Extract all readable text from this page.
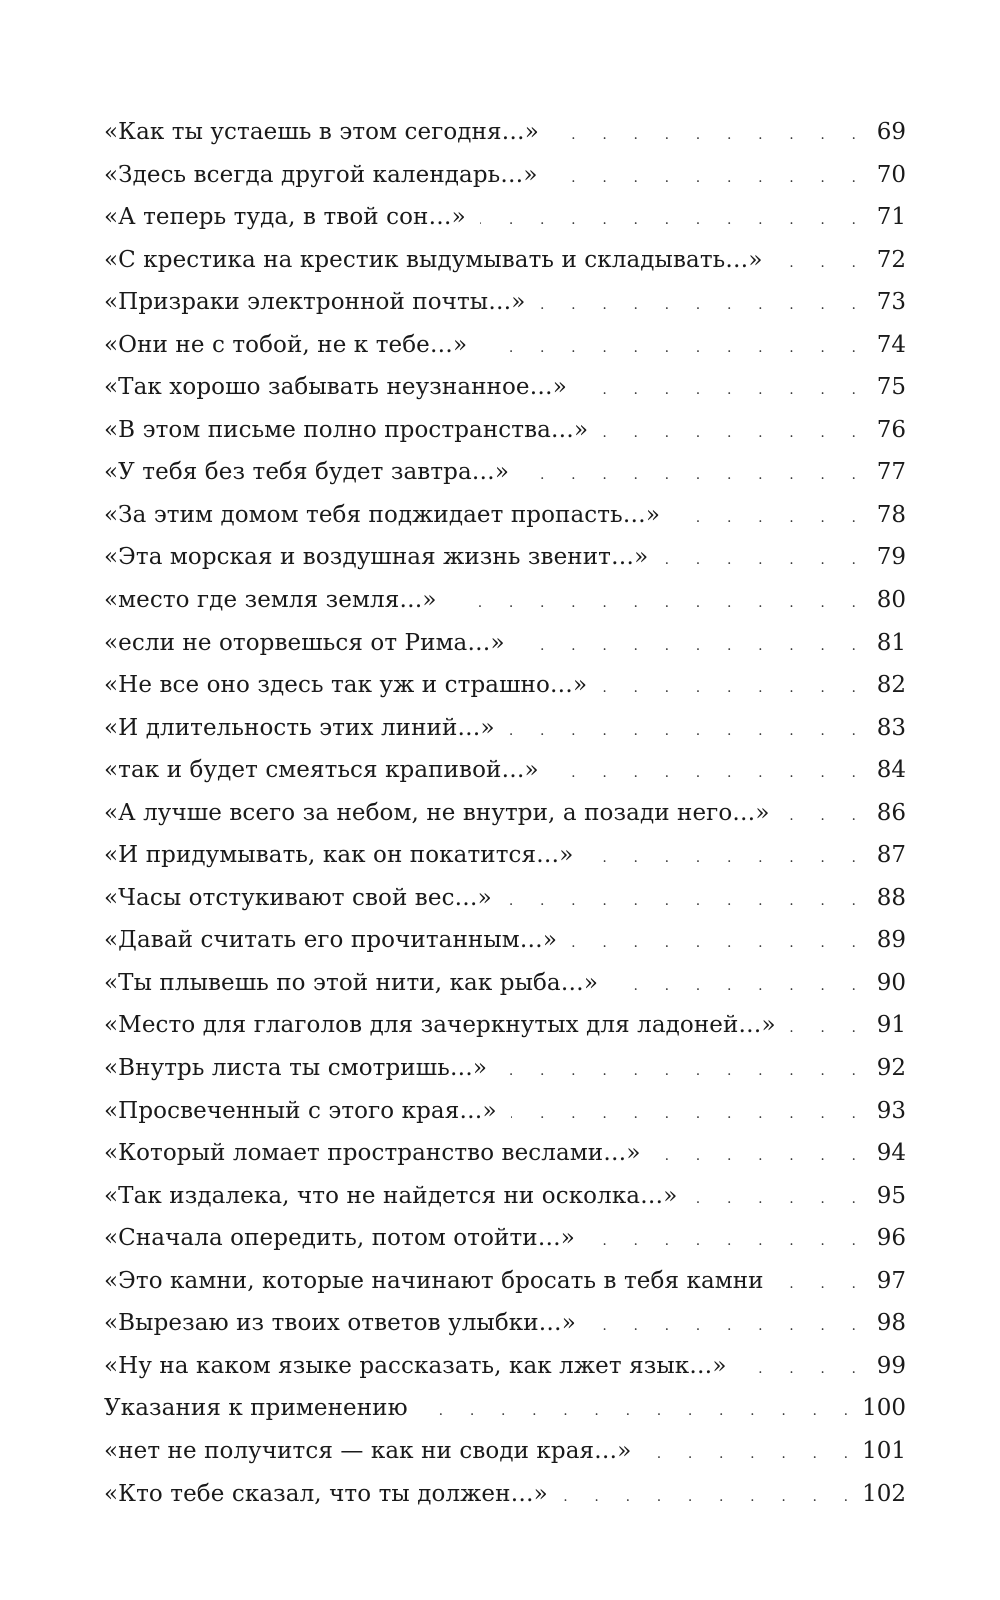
«Как ты устаешь в этом сегодня…» .	69
«Здесь всегда другой календарь…» .	70
«А теперь туда, в твой сон…» .	71
«С крестика на крестик выдумывать и складывать…» .	72
«Призраки электронной почты…» .	73
«Они не с тобой, не к тебе…» .	74
«Так хорошо забывать неузнанное…» .	75
«В этом письме полно пространства…» .	76
«У тебя без тебя будет завтра…» .	77
«За этим домом тебя поджидает пропасть…» .	78
«Эта морская и воздушная жизнь звенит…» .	79
«место где земля земля…» .	80
«если не оторвешься от Рима…» .	81
«Не все оно здесь так уж и страшно…» .	82
«И длительность этих линий…» .	83
«так и будет смеяться крапивой…» .	84
«А лучше всего за небом, не внутри, а позади него…» .	86
«И придумывать, как он покатится…» .	87
«Часы отстукивают свой вес…» .	88
«Давай считать его прочитанным…» .	89
«Ты плывешь по этой нити, как рыба…» .	90
«Место для глаголов для зачеркнутых для ладоней…» .	91
«Внутрь листа ты смотришь…» .	92
«Просвеченный с этого края…» .	93
«Который ломает пространство веслами…» .	94
«Так издалека, что не найдется ни осколка…» .	95
«Сначала опередить, потом отойти…» .	96
«Это камни, которые начинают бросать в тебя камни .	97
«Вырезаю из твоих ответов улыбки…» .	98
«Ну на каком языке рассказать, как лжет язык…» .	99
Указания к применению .	100
«нет не получится — как ни своди края…» .	101
«Кто тебе сказал, что ты должен…» .	102
